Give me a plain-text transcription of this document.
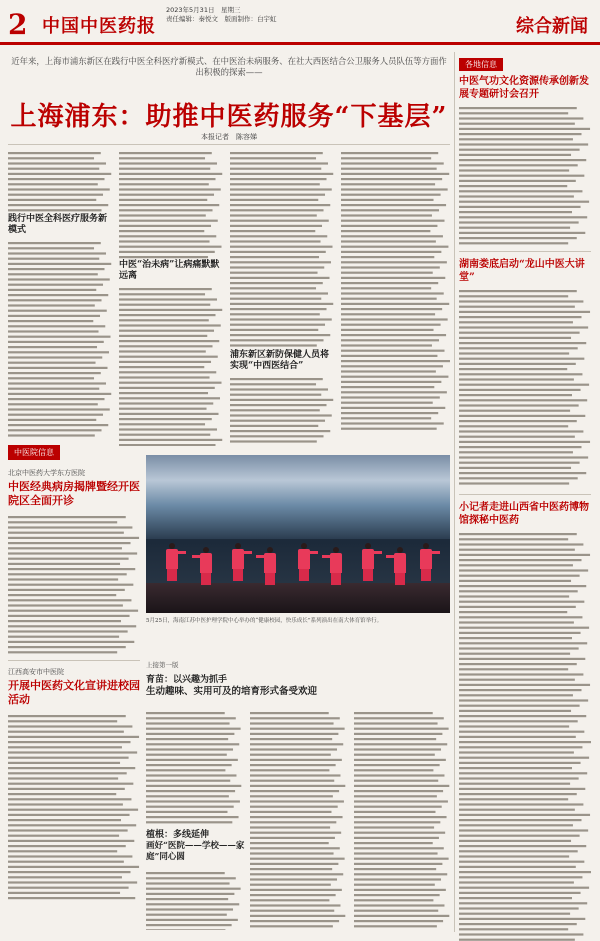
2 中国中医药报
2023年5月31日　星期三
责任编辑：秦悦文　版面制作：白宇虹	综合新闻
近年来，上海市浦东新区在践行中医全科医疗新模式、在中医治未病服务、在社大西医结合公卫服务人员队伍等方面作出积极的探索——
上海浦东：助推中医药服务“下基层”
本报记者　陈容娣
践行中医全科医疗服务新模式
中医“治未病”让病痛默默远离
浦东新区新防保健人员将实现“中西医结合”
各地信息
中医气功文化资源传承创新发展专题研讨会召开
湖南娄底启动“龙山中医大讲堂”
小记者走进山西省中医药博物馆探秘中医药
中医院信息
北京中医药大学东方医院
中医经典病房揭牌暨经开医院区全面开诊
江西高安市中医院
开展中医药文化宣讲进校园活动
5月25日，海南江苏中医护理学院中心举办的“健康校园，快乐成长”系列演出在南大体育馆举行。
上接第一版
育苗：以兴趣为抓手
生动趣味、实用可及的培育形式备受欢迎
植根：多线延伸
画好“医院——学校——家庭”同心圆
